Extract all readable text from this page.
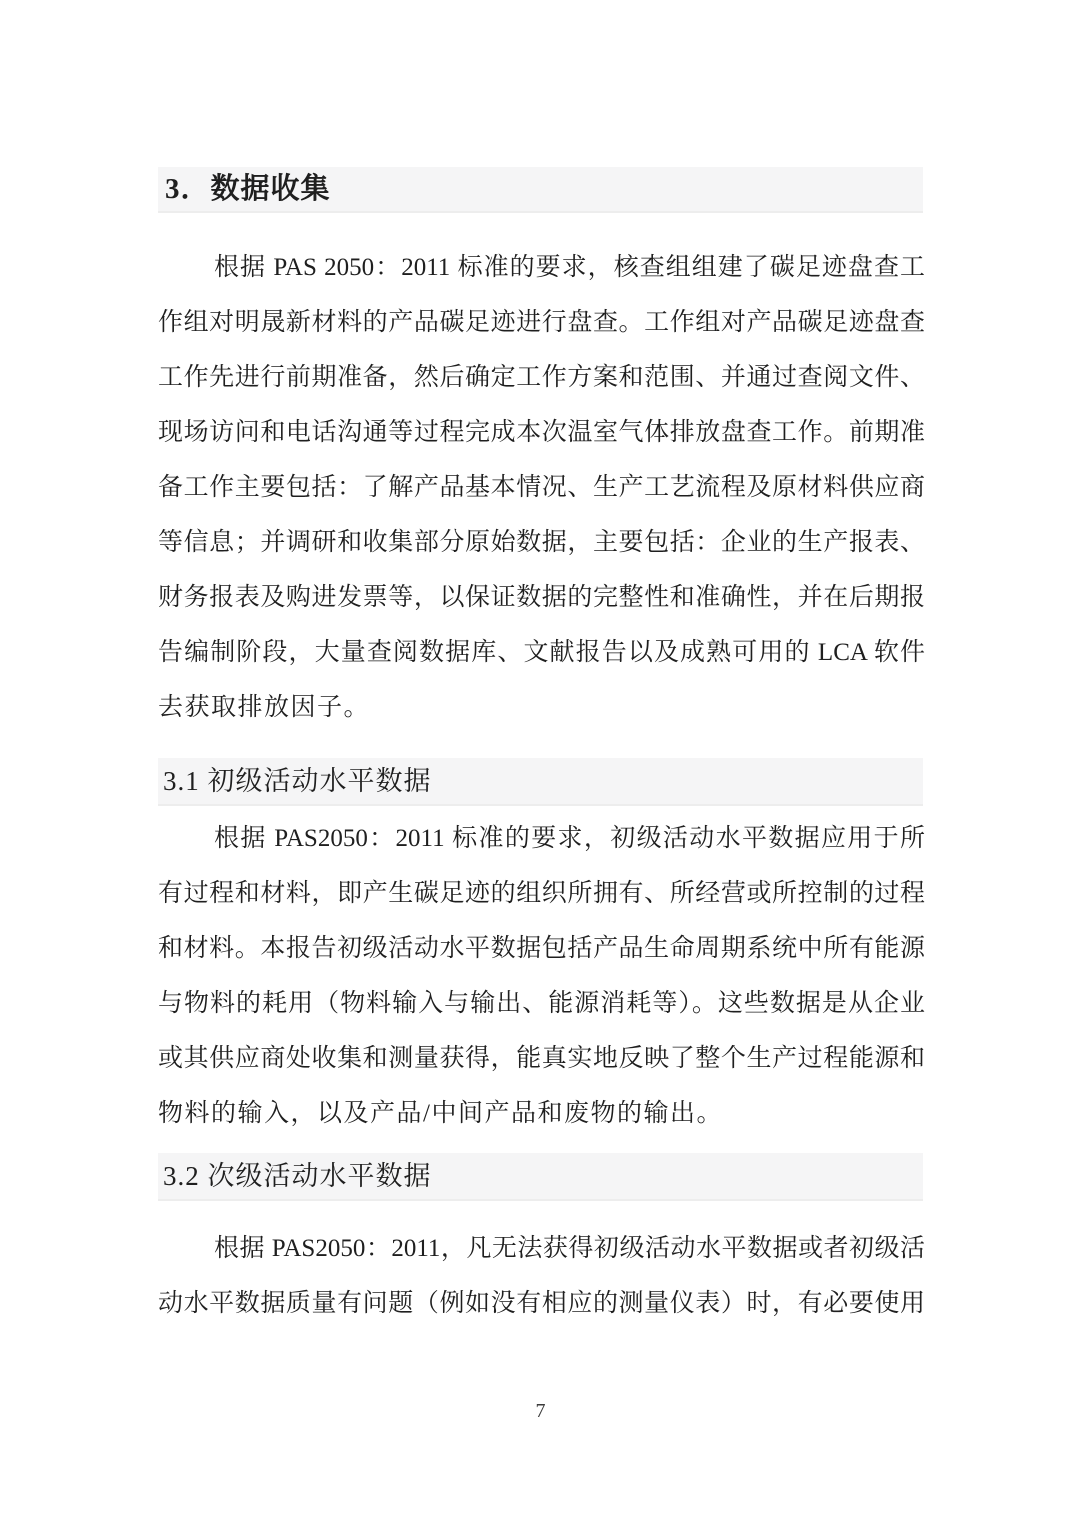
3．数据收集
根据 PAS 2050：2011 标准的要求，核查组组建了碳足迹盘查工
作组对明晟新材料的产品碳足迹进行盘查。工作组对产品碳足迹盘查
工作先进行前期准备，然后确定工作方案和范围、并通过查阅文件、
现场访问和电话沟通等过程完成本次温室气体排放盘查工作。前期准
备工作主要包括：了解产品基本情况、生产工艺流程及原材料供应商
等信息；并调研和收集部分原始数据，主要包括：企业的生产报表、
财务报表及购进发票等，以保证数据的完整性和准确性，并在后期报
告编制阶段，大量查阅数据库、文献报告以及成熟可用的 LCA 软件
去获取排放因子。
3.1 初级活动水平数据
根据 PAS2050：2011 标准的要求，初级活动水平数据应用于所
有过程和材料，即产生碳足迹的组织所拥有、所经营或所控制的过程
和材料。本报告初级活动水平数据包括产品生命周期系统中所有能源
与物料的耗用（物料输入与输出、能源消耗等）。这些数据是从企业
或其供应商处收集和测量获得，能真实地反映了整个生产过程能源和
物料的输入，以及产品/中间产品和废物的输出。
3.2 次级活动水平数据
根据 PAS2050：2011，凡无法获得初级活动水平数据或者初级活
动水平数据质量有问题（例如没有相应的测量仪表）时，有必要使用
7
